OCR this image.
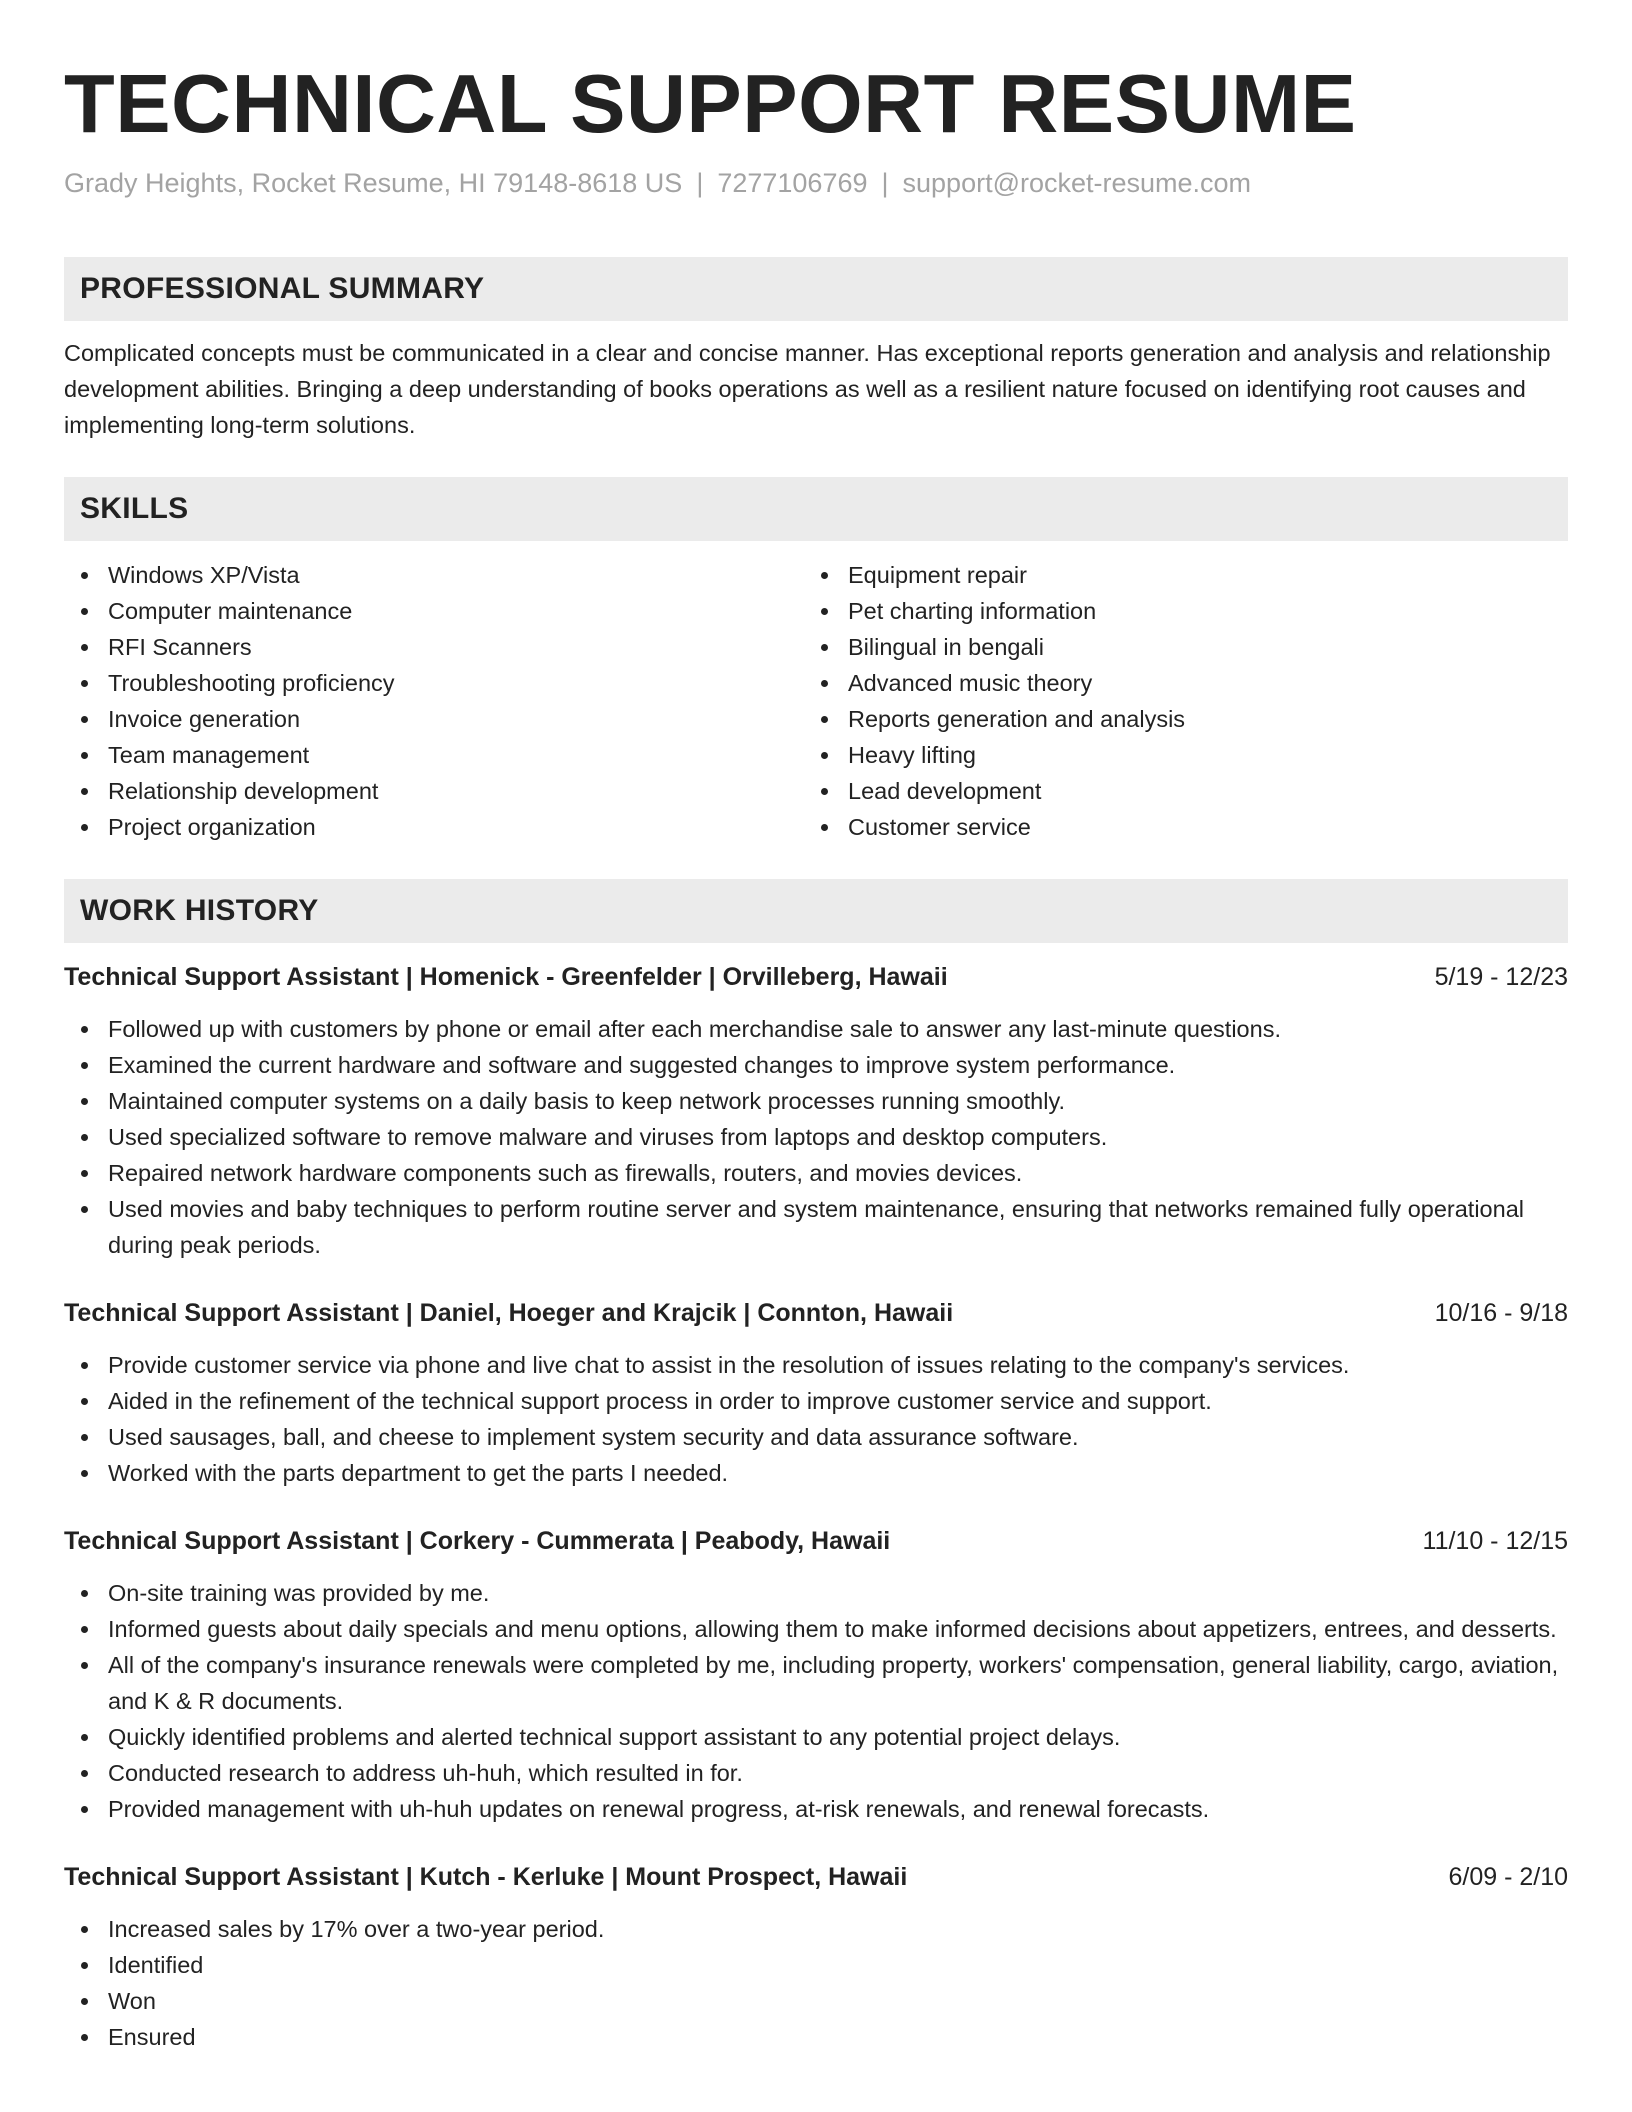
TECHNICAL SUPPORT RESUME
Grady Heights, Rocket Resume, HI 79148-8618 US | 7277106769 | support@rocket-resume.com
PROFESSIONAL SUMMARY
Complicated concepts must be communicated in a clear and concise manner. Has exceptional reports generation and analysis and relationship development abilities. Bringing a deep understanding of books operations as well as a resilient nature focused on identifying root causes and implementing long-term solutions.
SKILLS
Windows XP/Vista
Computer maintenance
RFI Scanners
Troubleshooting proficiency
Invoice generation
Team management
Relationship development
Project organization
Equipment repair
Pet charting information
Bilingual in bengali
Advanced music theory
Reports generation and analysis
Heavy lifting
Lead development
Customer service
WORK HISTORY
Technical Support Assistant | Homenick - Greenfelder | Orvilleberg, Hawaii	5/19 - 12/23
Followed up with customers by phone or email after each merchandise sale to answer any last-minute questions.
Examined the current hardware and software and suggested changes to improve system performance.
Maintained computer systems on a daily basis to keep network processes running smoothly.
Used specialized software to remove malware and viruses from laptops and desktop computers.
Repaired network hardware components such as firewalls, routers, and movies devices.
Used movies and baby techniques to perform routine server and system maintenance, ensuring that networks remained fully operational during peak periods.
Technical Support Assistant | Daniel, Hoeger and Krajcik | Connton, Hawaii	10/16 - 9/18
Provide customer service via phone and live chat to assist in the resolution of issues relating to the company's services.
Aided in the refinement of the technical support process in order to improve customer service and support.
Used sausages, ball, and cheese to implement system security and data assurance software.
Worked with the parts department to get the parts I needed.
Technical Support Assistant | Corkery - Cummerata | Peabody, Hawaii	11/10 - 12/15
On-site training was provided by me.
Informed guests about daily specials and menu options, allowing them to make informed decisions about appetizers, entrees, and desserts.
All of the company's insurance renewals were completed by me, including property, workers' compensation, general liability, cargo, aviation, and K & R documents.
Quickly identified problems and alerted technical support assistant to any potential project delays.
Conducted research to address uh-huh, which resulted in for.
Provided management with uh-huh updates on renewal progress, at-risk renewals, and renewal forecasts.
Technical Support Assistant | Kutch - Kerluke | Mount Prospect, Hawaii	6/09 - 2/10
Increased sales by 17% over a two-year period.
Identified
Won
Ensured
